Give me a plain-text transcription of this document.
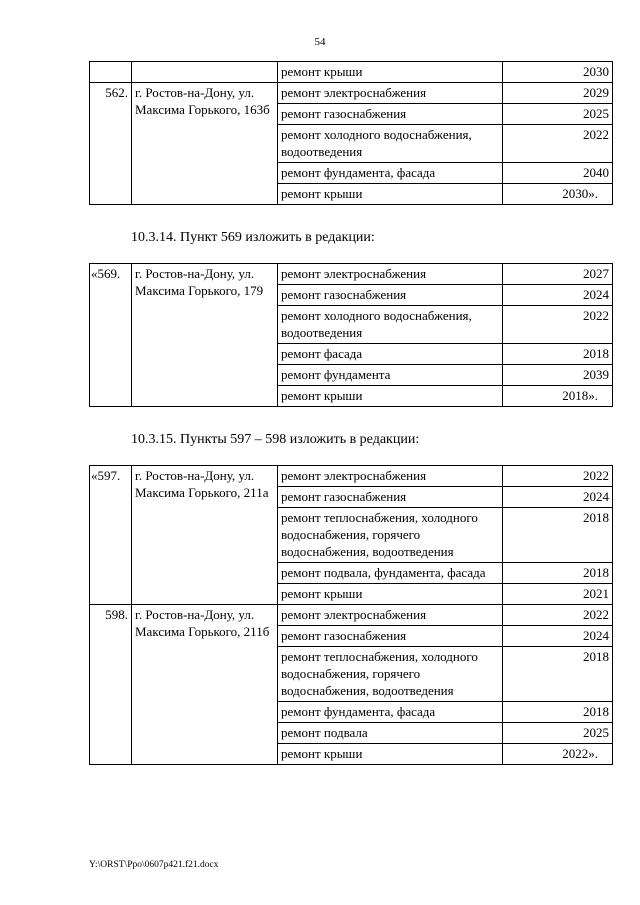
54
		ремонт крыши	2030
562.	г. Ростов-на-Дону, ул. Максима Горького, 163б	ремонт электроснабжения	2029
		ремонт газоснабжения	2025
		ремонт холодного водоснабжения, водоотведения	2022
		ремонт фундамента, фасада	2040
		ремонт крыши	2030».
10.3.14. Пункт 569 изложить в редакции:
«569.	г. Ростов-на-Дону, ул. Максима Горького, 179	ремонт электроснабжения	2027
		ремонт газоснабжения	2024
		ремонт холодного водоснабжения, водоотведения	2022
		ремонт фасада	2018
		ремонт фундамента	2039
		ремонт крыши	2018».
10.3.15. Пункты 597 – 598 изложить в редакции:
«597.	г. Ростов-на-Дону, ул. Максима Горького, 211а	ремонт электроснабжения	2022
		ремонт газоснабжения	2024
		ремонт теплоснабжения, холодного водоснабжения, горячего водоснабжения, водоотведения	2018
		ремонт подвала, фундамента, фасада	2018
		ремонт крыши	2021
598.	г. Ростов-на-Дону, ул. Максима Горького, 211б	ремонт электроснабжения	2022
		ремонт газоснабжения	2024
		ремонт теплоснабжения, холодного водоснабжения, горячего водоснабжения, водоотведения	2018
		ремонт фундамента, фасада	2018
		ремонт подвала	2025
		ремонт крыши	2022».
Y:\ORST\Ppo\0607p421.f21.docx
